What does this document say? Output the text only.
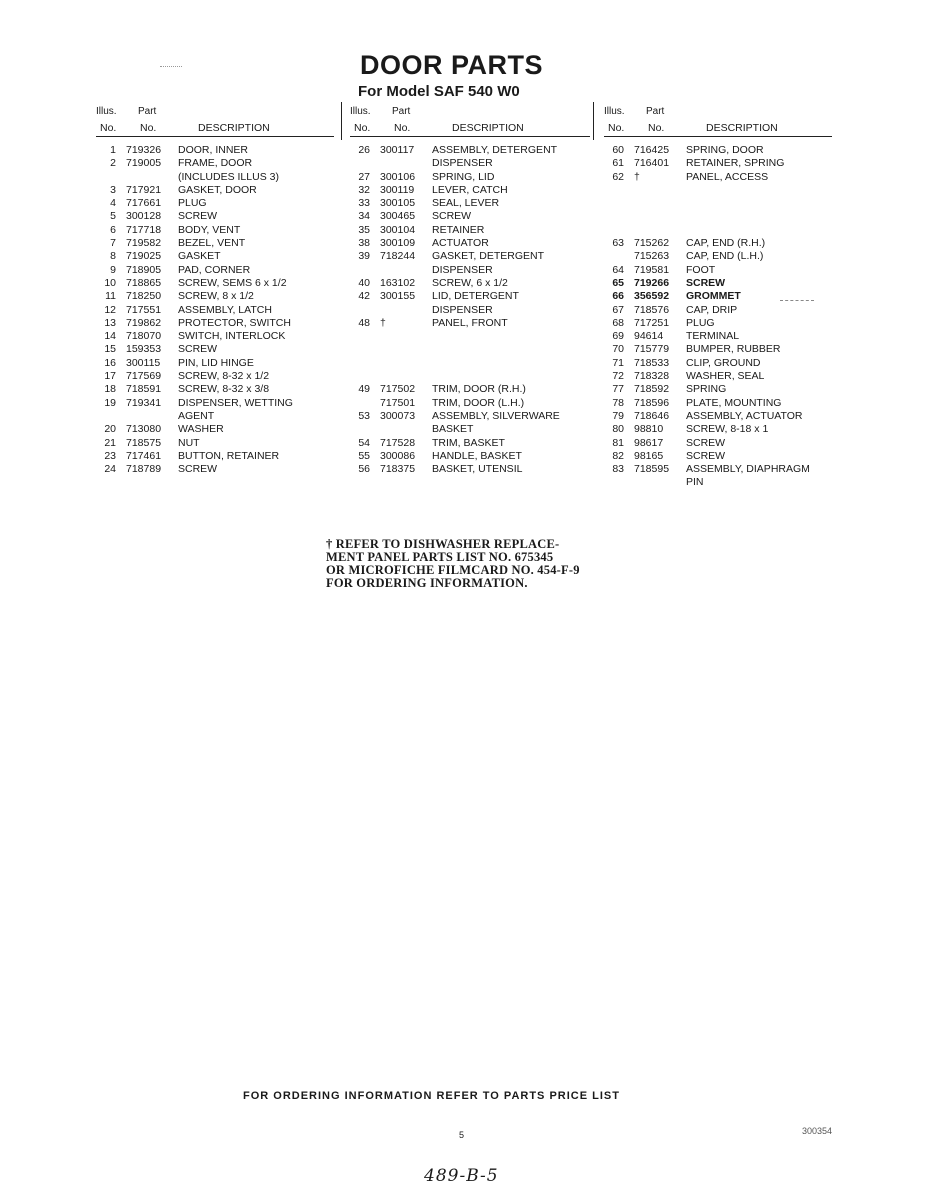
DOOR PARTS
For Model SAF 540 W0
Illus. Part
No. No.	DESCRIPTION
1 719326	DOOR, INNER
2 719005	FRAME, DOOR
(INCLUDES ILLUS 3)
3 717921	GASKET, DOOR
4 717661	PLUG
5 300128	SCREW
6 717718	BODY, VENT
7 719582	BEZEL, VENT
8 719025	GASKET
9 718905	PAD, CORNER
10 718865	SCREW, SEMS 6 x 1/2
11 718250	SCREW, 8 x 1/2
12 717551	ASSEMBLY, LATCH
13 719862	PROTECTOR, SWITCH
14 718070	SWITCH, INTERLOCK
15 159353	SCREW
16 300115	PIN, LID HINGE
17 717569	SCREW, 8-32 x 1/2
18 718591	SCREW, 8-32 x 3/8
19 719341	DISPENSER, WETTING
AGENT
20 713080	WASHER
21 718575	NUT
23 717461	BUTTON, RETAINER
24 718789	SCREW
Illus. Part
No. No.	DESCRIPTION
26 300117	ASSEMBLY, DETERGENT
DISPENSER
27 300106	SPRING, LID
32 300119	LEVER, CATCH
33 300105	SEAL, LEVER
34 300465	SCREW
35 300104	RETAINER
38 300109	ACTUATOR
39 718244	GASKET, DETERGENT
DISPENSER
40 163102	SCREW, 6 x 1/2
42 300155	LID, DETERGENT
DISPENSER
48 †	PANEL, FRONT
49 717502	TRIM, DOOR (R.H.)
717501	TRIM, DOOR (L.H.)
53 300073	ASSEMBLY, SILVERWARE
BASKET
54 717528	TRIM, BASKET
55 300086	HANDLE, BASKET
56 718375	BASKET, UTENSIL
Illus. Part
No. No.	DESCRIPTION
60 716425	SPRING, DOOR
61 716401	RETAINER, SPRING
62 †	PANEL, ACCESS
63 715262	CAP, END (R.H.)
715263	CAP, END (L.H.)
64 719581	FOOT
65 719266	SCREW
66 356592	GROMMET
67 718576	CAP, DRIP
68 717251	PLUG
69 94614	TERMINAL
70 715779	BUMPER, RUBBER
71 718533	CLIP, GROUND
72 718328	WASHER, SEAL
77 718592	SPRING
78 718596	PLATE, MOUNTING
79 718646	ASSEMBLY, ACTUATOR
80 98810	SCREW, 8-18 x 1
81 98617	SCREW
82 98165	SCREW
83 718595	ASSEMBLY, DIAPHRAGM
PIN
† REFER TO DISHWASHER REPLACE-
MENT PANEL PARTS LIST NO. 675345
OR MICROFICHE FILMCARD NO. 454-F-9
FOR ORDERING INFORMATION.
FOR ORDERING INFORMATION REFER TO PARTS PRICE LIST
5	300354
489-B-5
